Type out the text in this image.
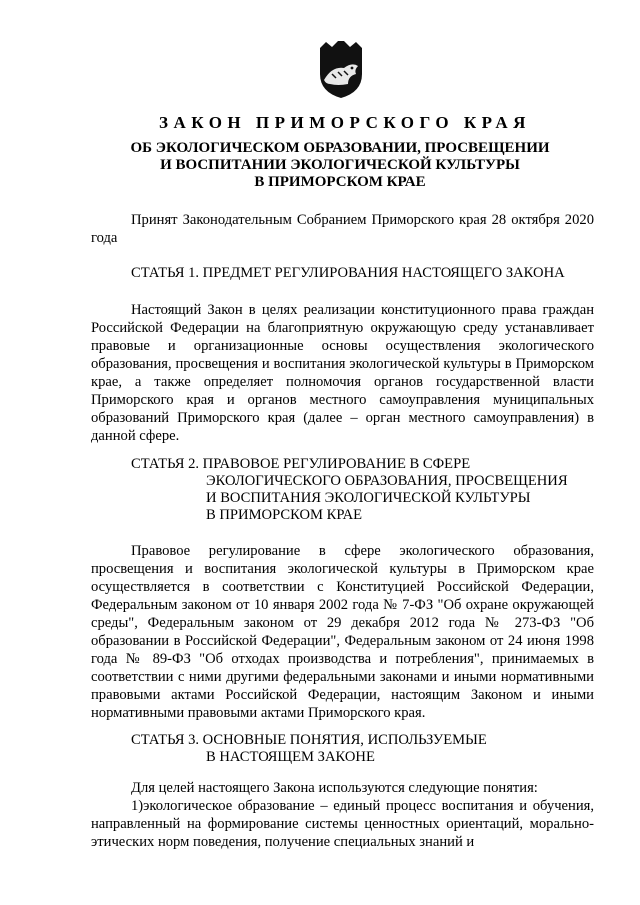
ЗАКОН ПРИМОРСКОГО КРАЯ
ОБ ЭКОЛОГИЧЕСКОМ ОБРАЗОВАНИИ, ПРОСВЕЩЕНИИ
И ВОСПИТАНИИ ЭКОЛОГИЧЕСКОЙ КУЛЬТУРЫ
В ПРИМОРСКОМ КРАЕ
Принят Законодательным Собранием Приморского края 28 октября 2020 года
СТАТЬЯ 1. ПРЕДМЕТ РЕГУЛИРОВАНИЯ НАСТОЯЩЕГО ЗАКОНА
Настоящий Закон в целях реализации конституционного права граждан Российской Федерации на благоприятную окружающую среду устанавливает правовые и организационные основы осуществления экологического образования, просвещения и воспитания экологической культуры в Приморском крае, а также определяет полномочия органов государственной власти Приморского края и органов местного самоуправления муниципальных образований Приморского края (далее – орган местного самоуправления) в данной сфере.
СТАТЬЯ 2. ПРАВОВОЕ РЕГУЛИРОВАНИЕ В СФЕРЕ
ЭКОЛОГИЧЕСКОГО ОБРАЗОВАНИЯ, ПРОСВЕЩЕНИЯ
И ВОСПИТАНИЯ ЭКОЛОГИЧЕСКОЙ КУЛЬТУРЫ
В ПРИМОРСКОМ КРАЕ
Правовое регулирование в сфере экологического образования, просвещения и воспитания экологической культуры в Приморском крае осуществляется в соответствии с Конституцией Российской Федерации, Федеральным законом от 10 января 2002 года № 7-ФЗ "Об охране окружающей среды", Федеральным законом от 29 декабря 2012 года № 273-ФЗ "Об образовании в Российской Федерации", Федеральным законом от 24 июня 1998 года № 89-ФЗ "Об отходах производства и потребления", принимаемых в соответствии с ними другими федеральными законами и иными нормативными правовыми актами Российской Федерации, настоящим Законом и иными нормативными правовыми актами Приморского края.
СТАТЬЯ 3. ОСНОВНЫЕ ПОНЯТИЯ, ИСПОЛЬЗУЕМЫЕ
В НАСТОЯЩЕМ ЗАКОНЕ
Для целей настоящего Закона используются следующие понятия:
1)экологическое образование – единый процесс воспитания и обучения, направленный на формирование системы ценностных ориентаций, морально-этических норм поведения, получение специальных знаний и
